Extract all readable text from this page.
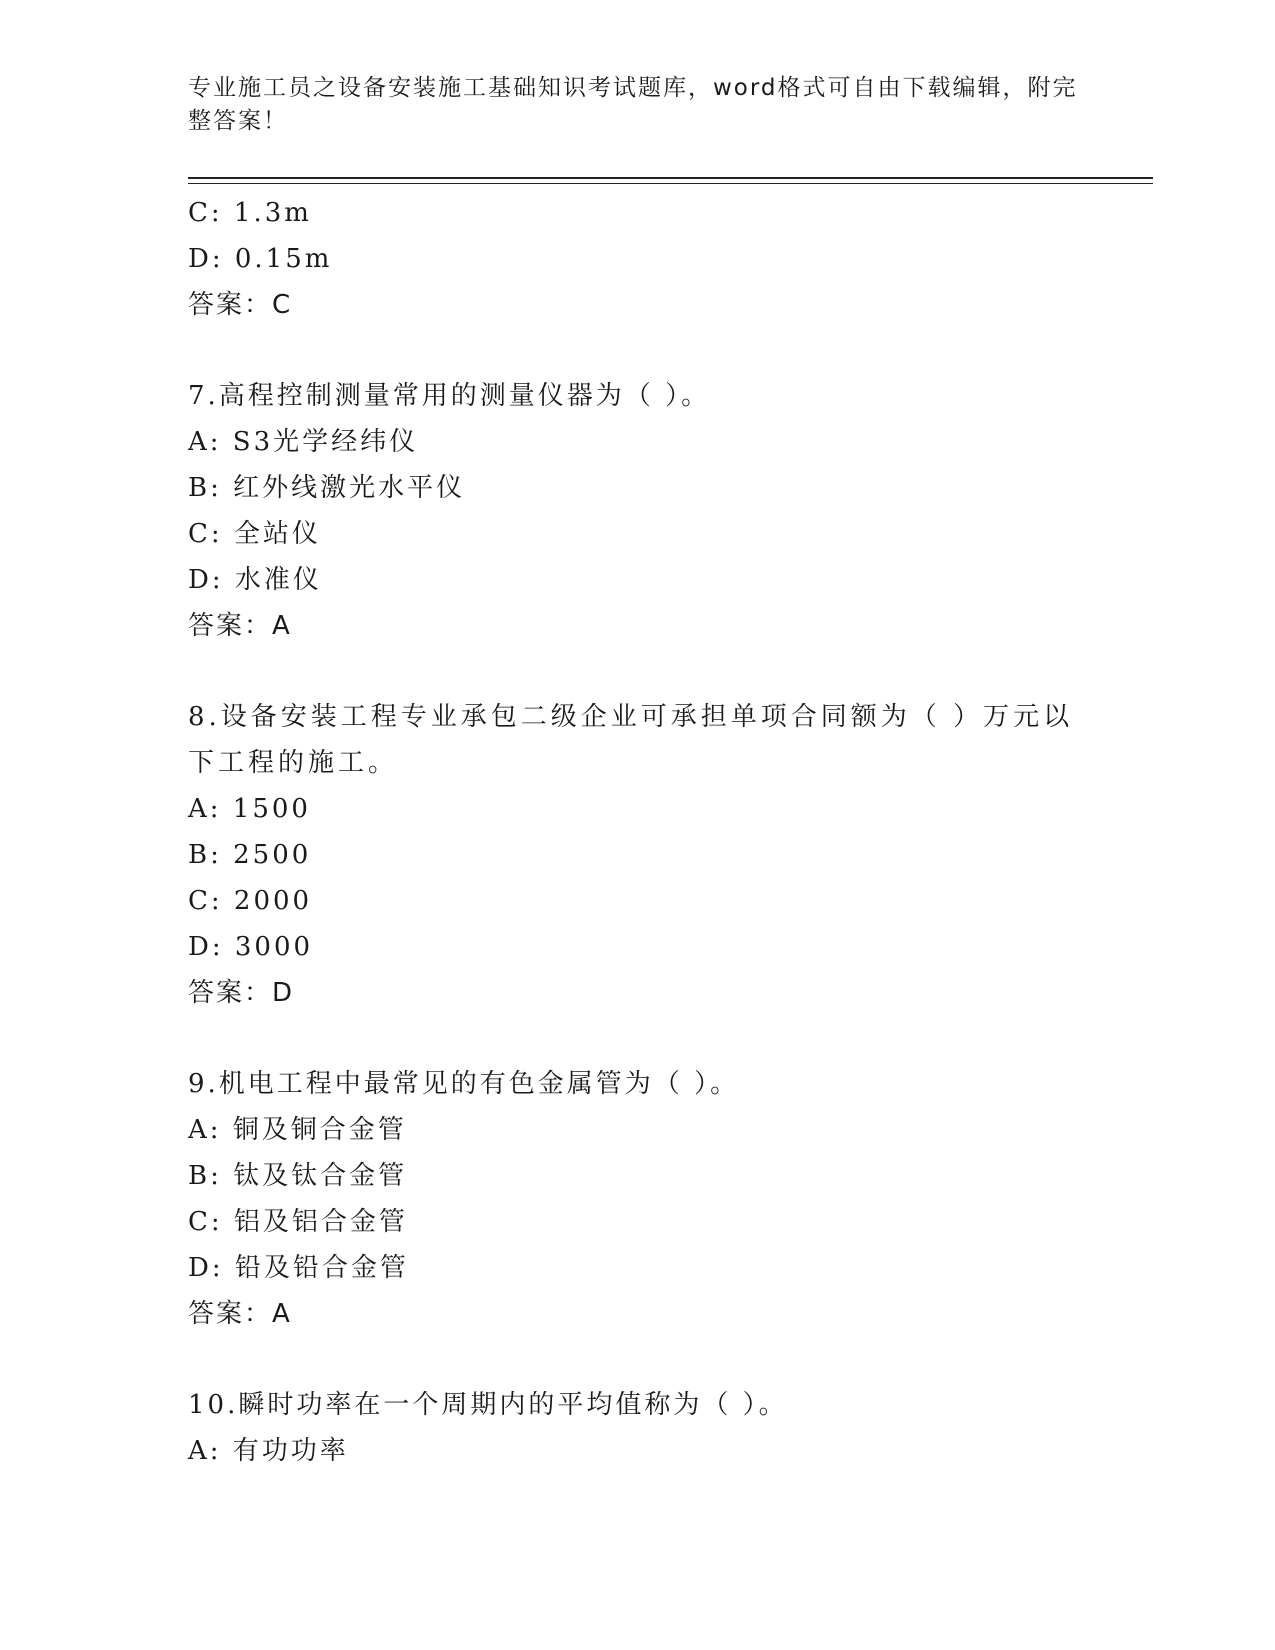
专业施工员之设备安装施工基础知识考试题库，word格式可自由下载编辑，附完整答案！
C: 1.3m
D: 0.15m
答案：C
7.高程控制测量常用的测量仪器为（ ）。
A: S3光学经纬仪
B: 红外线激光水平仪
C: 全站仪
D: 水准仪
答案：A
8.设备安装工程专业承包二级企业可承担单项合同额为（ ）万元以下工程的施工。
A: 1500
B: 2500
C: 2000
D: 3000
答案：D
9.机电工程中最常见的有色金属管为（ ）。
A: 铜及铜合金管
B: 钛及钛合金管
C: 铝及铝合金管
D: 铅及铅合金管
答案：A
10.瞬时功率在一个周期内的平均值称为（ ）。
A: 有功功率
